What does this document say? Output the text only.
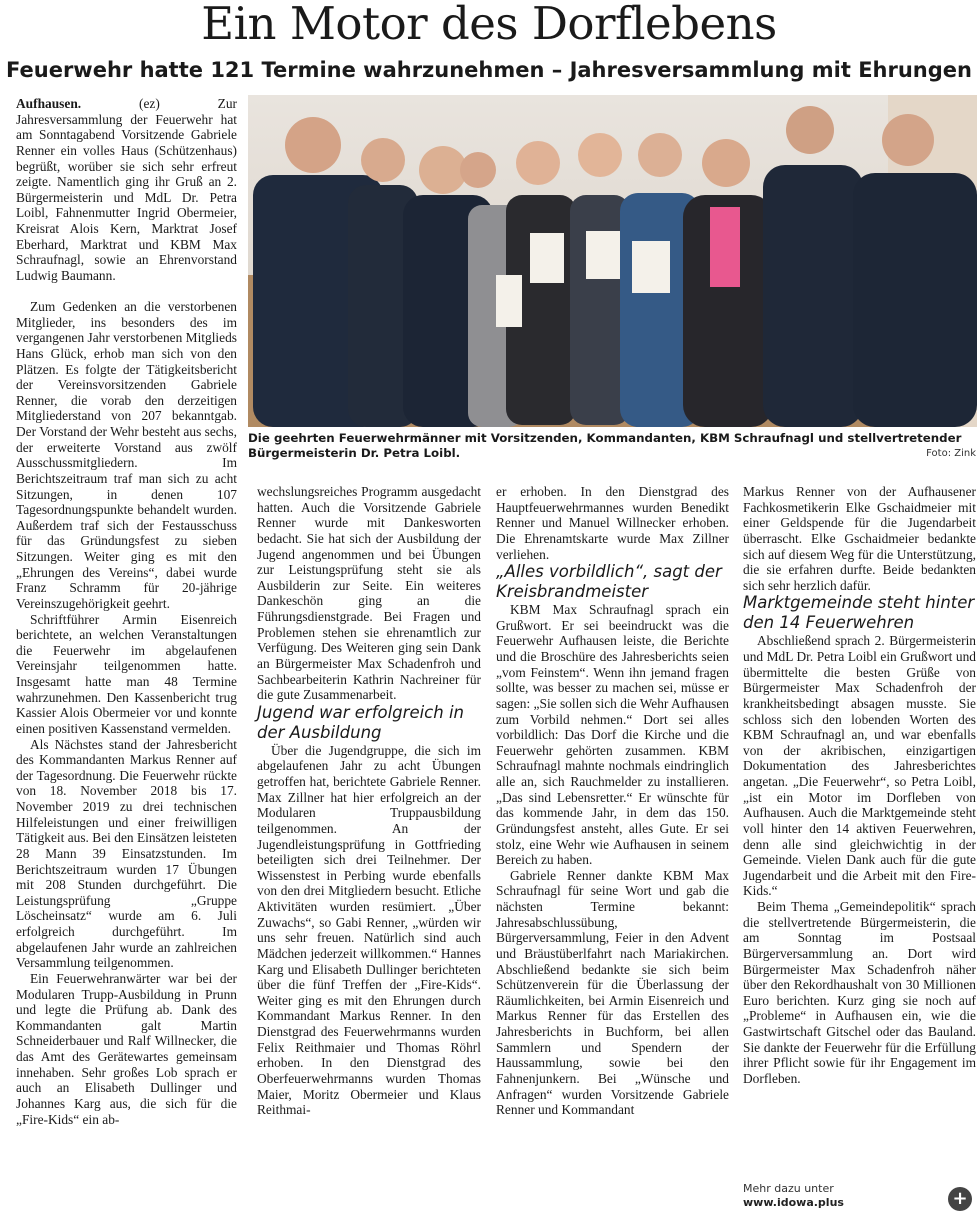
Ein Motor des Dorflebens
Feuerwehr hatte 121 Termine wahrzunehmen – Jahresversammlung mit Ehrungen

Aufhausen.	(ez) Zur Jahresversammlung der Feuerwehr hat am Sonntagabend Vorsitzende Gabriele Renner ein volles Haus (Schützenhaus) begrüßt, worüber sie sich sehr erfreut zeigte. Namentlich ging ihr Gruß an 2. Bürgermeisterin und MdL Dr. Petra Loibl, Fahnenmutter Ingrid Obermeier, Kreisrat Alois Kern, Marktrat Josef Eberhard, Marktrat und KBM Max Schraufnagl, sowie an Ehrenvorstand Ludwig Baumann.

Zum Gedenken an die verstorbenen Mitglieder, ins besonders des im vergangenen Jahr verstorbenen Mitglieds Hans Glück, erhob man sich von den Plätzen. Es folgte der Tätigkeitsbericht der Vereinsvorsitzenden Gabriele Renner, die vorab den derzeitigen Mitgliederstand von 207 bekanntgab. Der Vorstand der Wehr besteht aus sechs, der erweiterte Vorstand aus zwölf Ausschussmitgliedern. Im Berichtszeitraum traf man sich zu acht Sitzungen, in denen 107 Tagesordnungspunkte behandelt wurden. Außerdem traf sich der Festausschuss für das Gründungsfest zu sieben Sitzungen. Weiter ging es mit den „Ehrungen des Vereins“, dabei wurde Franz Schramm für 20-jährige Vereinszugehörigkeit geehrt.

Schriftführer Armin Eisenreich berichtete, an welchen Veranstaltungen die Feuerwehr im abgelaufenen Vereinsjahr teilgenommen hatte. Insgesamt hatte man 48 Termine wahrzunehmen. Den Kassenbericht trug Kassier Alois Obermeier vor und konnte einen positiven Kassenstand vermelden.

Als Nächstes stand der Jahresbericht des Kommandanten Markus Renner auf der Tagesordnung. Die Feuerwehr rückte von 18. November 2018 bis 17. November 2019 zu drei technischen Hilfeleistungen und einer freiwilligen Tätigkeit aus. Bei den Einsätzen leisteten 28 Mann 39 Einsatzstunden. Im Berichtszeitraum wurden 17 Übungen mit 208 Stunden durchgeführt. Die Leistungsprüfung „Gruppe Löscheinsatz“ wurde am 6. Juli erfolgreich durchgeführt. Im abgelaufenen Jahr wurde an zahlreichen Versammlung teilgenommen.

Ein Feuerwehranwärter war bei der Modularen Trupp-Ausbildung in Prunn und legte die Prüfung ab. Dank des Kommandanten galt Martin Schneiderbauer und Ralf Willnecker, die das Amt des Gerätewartes gemeinsam innehaben. Sehr großes Lob sprach er auch an Elisabeth Dullinger und Johannes Karg aus, die sich für die „Fire-Kids“ ein ab-

Die geehrten Feuerwehrmänner mit Vorsitzenden, Kommandanten, KBM Schraufnagl und stellvertretender Bürgermeisterin Dr. Petra Loibl.	Foto: Zink

wechslungsreiches Programm ausgedacht hatten. Auch die Vorsitzende Gabriele Renner wurde mit Dankesworten bedacht. Sie hat sich der Ausbildung der Jugend angenommen und bei Übungen zur Leistungsprüfung steht sie als Ausbilderin zur Seite. Ein weiteres Dankeschön ging an die Führungsdienstgrade. Bei Fragen und Problemen stehen sie ehrenamtlich zur Verfügung. Des Weiteren ging sein Dank an Bürgermeister Max Schadenfroh und Sachbearbeiterin Kathrin Nachreiner für die gute Zusammenarbeit.

Jugend war erfolgreich in der Ausbildung

Über die Jugendgruppe, die sich im abgelaufenen Jahr zu acht Übungen getroffen hat, berichtete Gabriele Renner. Max Zillner hat hier erfolgreich an der Modularen Truppausbildung teilgenommen. An der Jugendleistungsprüfung in Gottfrieding beteiligten sich drei Teilnehmer. Der Wissenstest in Perbing wurde ebenfalls von den drei Mitgliedern besucht. Etliche Aktivitäten wurden resümiert. „Über Zuwachs“, so Gabi Renner, „würden wir uns sehr freuen. Natürlich sind auch Mädchen jederzeit willkommen.“ Hannes Karg und Elisabeth Dullinger berichteten über die fünf Treffen der „Fire-Kids“. Weiter ging es mit den Ehrungen durch Kommandant Markus Renner. In den Dienstgrad des Feuerwehrmanns wurden Felix Reithmaier und Thomas Röhrl erhoben. In den Dienstgrad des Oberfeuerwehrmanns wurden Thomas Maier, Moritz Obermeier und Klaus Reithmai-

er erhoben. In den Dienstgrad des Hauptfeuerwehrmannes wurden Benedikt Renner und Manuel Willnecker erhoben. Die Ehrenamtskarte wurde Max Zillner verliehen.

„Alles vorbildlich“, sagt der Kreisbrandmeister

KBM Max Schraufnagl sprach ein Grußwort. Er sei beeindruckt was die Feuerwehr Aufhausen leiste, die Berichte und die Broschüre des Jahresberichts seien „vom Feinstem“. Wenn ihn jemand fragen sollte, was besser zu machen sei, müsse er sagen: „Sie sollen sich die Wehr Aufhausen zum Vorbild nehmen.“ Dort sei alles vorbildlich: Das Dorf die Kirche und die Feuerwehr gehörten zusammen. KBM Schraufnagl mahnte nochmals eindringlich alle an, sich Rauchmelder zu installieren. „Das sind Lebensretter.“ Er wünschte für das kommende Jahr, in dem das 150. Gründungsfest ansteht, alles Gute. Er sei stolz, eine Wehr wie Aufhausen in seinem Bereich zu haben.

Gabriele Renner dankte KBM Max Schraufnagl für seine Wort und gab die nächsten Termine bekannt: Jahresabschlussübung, Bürgerversammlung, Feier in den Advent und Bräustüberlfahrt nach Mariakirchen. Abschließend bedankte sie sich beim Schützenverein für die Überlassung der Räumlichkeiten, bei Armin Eisenreich und Markus Renner für das Erstellen des Jahresberichts in Buchform, bei allen Sammlern und Spendern der Haussammlung, sowie bei den Fahnenjunkern. Bei „Wünsche und Anfragen“ wurden Vorsitzende Gabriele Renner und Kommandant

Markus Renner von der Aufhausener Fachkosmetikerin Elke Gschaidmeier mit einer Geldspende für die Jugendarbeit überrascht. Elke Gschaidmeier bedankte sich auf diesem Weg für die Unterstützung, die sie erfahren durfte. Beide bedankten sich sehr herzlich dafür.

Marktgemeinde steht hinter den 14 Feuerwehren

Abschließend sprach 2. Bürgermeisterin und MdL Dr. Petra Loibl ein Grußwort und übermittelte die besten Grüße von Bürgermeister Max Schadenfroh der krankheitsbedingt absagen musste. Sie schloss sich den lobenden Worten des KBM Schraufnagl an, und war ebenfalls von der akribischen, einzigartigen Dokumentation des Jahresberichtes angetan. „Die Feuerwehr“, so Petra Loibl, „ist ein Motor im Dorfleben von Aufhausen. Auch die Marktgemeinde steht voll hinter den 14 aktiven Feuerwehren, denn alle sind gleichwichtig in der Gemeinde. Vielen Dank auch für die gute Jugendarbeit und die Arbeit mit den Fire-Kids.“

Beim Thema „Gemeindepolitik“ sprach die stellvertretende Bürgermeisterin, die am Sonntag im Postsaal Bürgerversammlung an. Dort wird Bürgermeister Max Schadenfroh näher über den Rekordhaushalt von 30 Millionen Euro berichten. Kurz ging sie noch auf „Probleme“ in Aufhausen ein, wie die Gastwirtschaft Gitschel oder das Bauland. Sie dankte der Feuerwehr für die Erfüllung ihrer Pflicht sowie für ihr Engagement im Dorfleben.

Mehr dazu unter
www.idowa.plus	+
